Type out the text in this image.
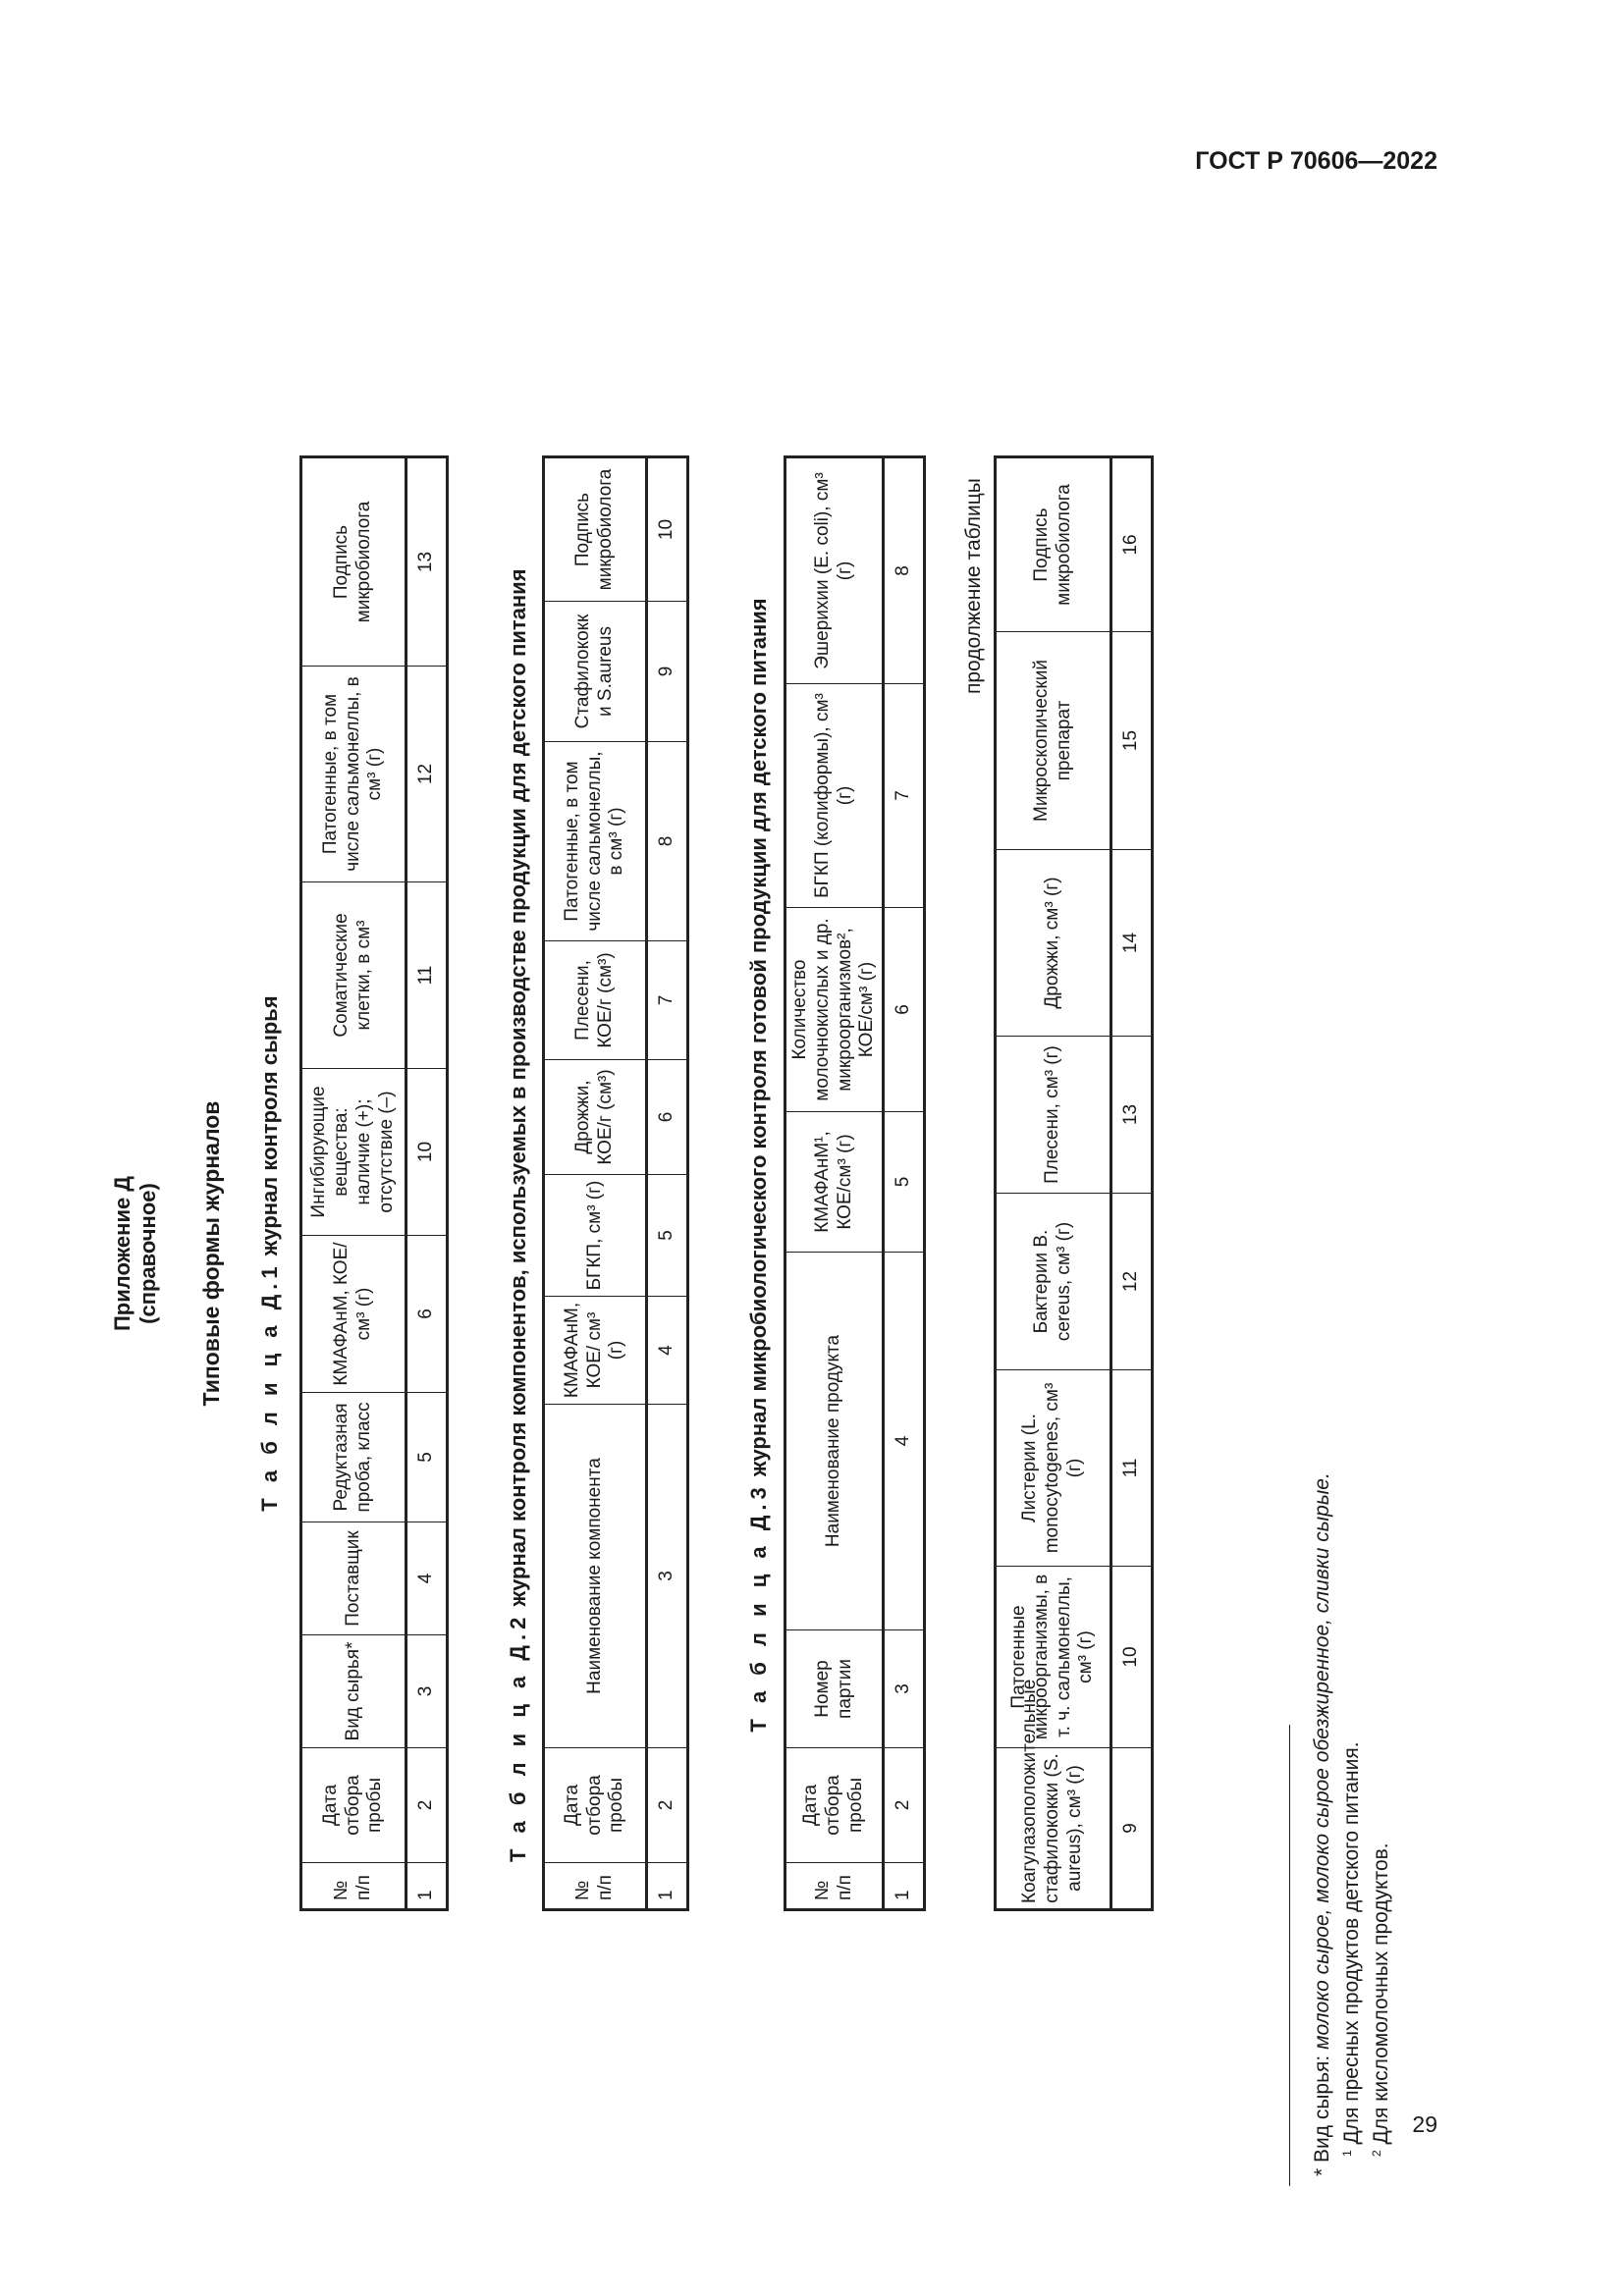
ГОСТ Р 70606—2022
29
Приложение Д (справочное) Типовые формы журналов Т а б л и ц а Д.1 журнал контроля сырья
№ п/п	Дата отбора пробы	Вид сырья*	Поставщик	Редуктазная проба, класс	КМАФАнМ, КОЕ/см³ (г)	Ингибирующие вещества: наличие (+); отсутствие (–)	Соматические клетки, в см³	Патогенные, в том числе сальмонеллы, в см³ (г)	Подпись микробиолога
1	2	3	4	5	6	10	11	12	13
Т а б л и ц а Д.2 журнал контроля компонентов, используемых в производстве продукции для детского питания
№ п/п	Дата отбора пробы	Наименование компонента	КМАФАнМ, КОЕ/ см³ (г)	БГКП, см³ (г)	Дрожжи, КОЕ/г (см³)	Плесени, КОЕ/г (см³)	Патогенные, в том числе сальмонеллы, в см³ (г)	Стафилококк и S.aureus	Подпись микробиолога
1	2	3	4	5	6	7	8	9	10
Т а б л и ц а Д.3 журнал микробиологического контроля готовой продукции для детского питания
№ п/п	Дата отбора пробы	Номер партии	Наименование продукта	КМАФАнМ¹, КОЕ/см³ (г)	Количество молочнокислых и др. микроорганизмов², КОЕ/см³ (г)	БГКП (колиформы), см³ (г)	Эшерихии (E. coli), см³ (г)
1	2	3	4	5	6	7	8 продолжение таблицы
Коагулазоположительные стафилококки (S. aureus), см³ (г)	Патогенные микроорганизмы, в т. ч. сальмонеллы, см³ (г)	Листерии (L. monocytogenes, см³ (г)	Бактерии B. cereus, см³ (г)	Плесени, см³ (г)	Дрожжи, см³ (г)	Микроскопический препарат	Подпись микробиолога
9	10	11	12	13	14	15	16
* Вид сырья: молоко сырое, молоко сырое обезжиренное, сливки сырые.
$^1$ Для пресных продуктов детского питания.
$^2$ Для кисломолочных продуктов.
